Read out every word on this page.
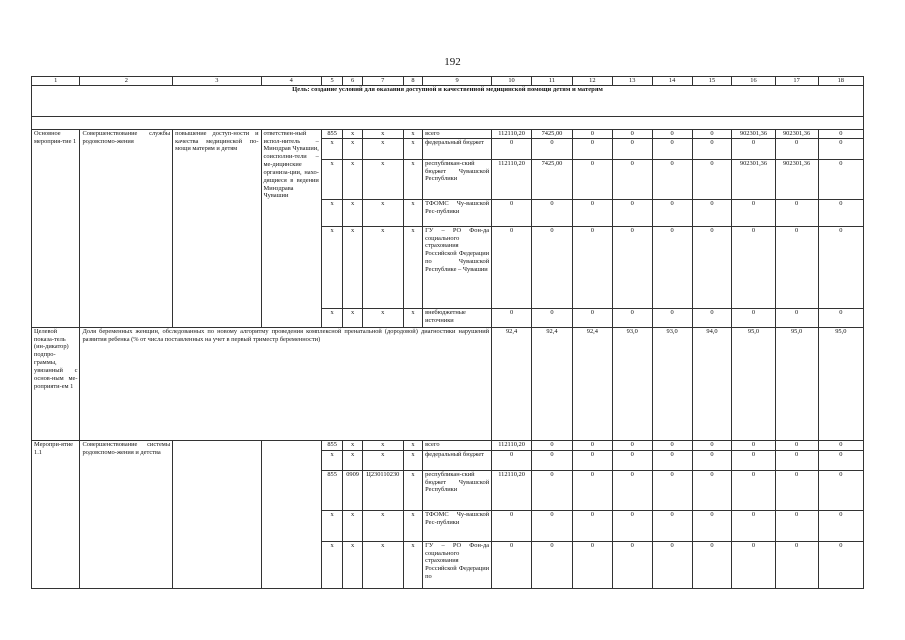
192
1	2	3	4	5	6	7	8	9	10	11	12	13	14	15	16	17	18
Цель: создание условий для оказания доступной и качественной медицинской помощи детям и матерям																	

Основное мероприя-тие 1	Совершенствование службы родовспомо-жения	повышение доступ-ности и качества медицинской по-мощи матерям и детям	ответствен-ный испол-нитель – Минздрав Чувашии, соисполни-тели – ме-дицинские организа-ции, нахо-дящиеся в ведении Минздрава Чувашии	855	x	x	x	всего	112110,20	7425,00	0	0	0	0	902301,36	902301,36	0
				x	x	x	x	федеральный бюджет	0	0	0	0	0	0	0	0	0
				x	x	x	x	республикан-ский бюджет Чувашской Республики	112110,20	7425,00	0	0	0	0	902301,36	902301,36	0
				x	x	x	x	ТФОМС Чу-вашской Рес-публики	0	0	0	0	0	0	0	0	0
				x	x	x	x	ГУ – РО Фон-да социального страхования Российской Федерации по Чувашской Республике – Чувашии	0	0	0	0	0	0	0	0	0
				x	x	x	x	внебюджетные источники	0	0	0	0	0	0	0	0	0
Целевой показа-тель (ин-дикатор) подпро-граммы, увязанный с основ-ным ме-роприяти-ем 1	Доля беременных женщин, обследованных по новому алгоритму проведения комплексной пренатальной (дородовой) диагностики нарушений развития ребенка (% от числа поставленных на учет в первый триместр беременности)								92,4	92,4	92,4	93,0	93,0	94,0	95,0	95,0	95,0
Меропри-ятие 1.1	Совершенствование системы родовспомо-жения и детства			855	x	x	x	всего	112110,20	0	0	0	0	0	0	0	0
				x	x	x	x	федеральный бюджет	0	0	0	0	0	0	0	0	0
				855	0909	Ц230110230	x	республикан-ский бюджет Чувашской Республики	112110,20	0	0	0	0	0	0	0	0
				x	x	x	x	ТФОМС Чу-вашской Рес-публики	0	0	0	0	0	0	0	0	0
				x	x	x	x	ГУ – РО Фон-да социального страхования Российской Федерации по	0	0	0	0	0	0	0	0	0
